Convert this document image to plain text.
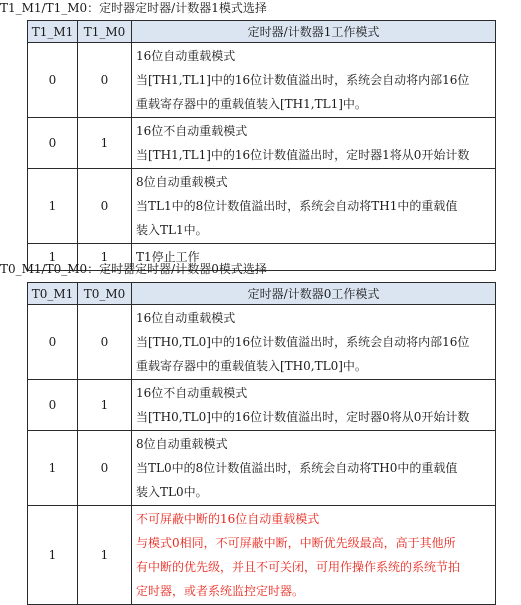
T1_M1/T1_M0：定时器定时器/计数器1模式选择
T1_M1	T1_M0	定时器/计数器1工作模式
0	0	16位自动重载模式
当[TH1,TL1]中的16位计数值溢出时，系统会自动将内部16位
重载寄存器中的重载值装入[TH1,TL1]中。

0	1	16位不自动重载模式
当[TH1,TL1]中的16位计数值溢出时，定时器1将从0开始计数

1	0	8位自动重载模式
当TL1中的8位计数值溢出时，系统会自动将TH1中的重载值
装入TL1中。

1	1	T1停止工作
T0_M1/T0_M0：定时器定时器/计数器0模式选择
T0_M1	T0_M0	定时器/计数器0工作模式
0	0	16位自动重载模式
当[TH0,TL0]中的16位计数值溢出时，系统会自动将内部16位
重载寄存器中的重载值装入[TH0,TL0]中。

0	1	16位不自动重载模式
当[TH0,TL0]中的16位计数值溢出时，定时器0将从0开始计数

1	0	8位自动重载模式
当TL0中的8位计数值溢出时，系统会自动将TH0中的重载值
装入TL0中。

1	1	不可屏蔽中断的16位自动重载模式
与模式0相同，不可屏蔽中断，中断优先级最高，高于其他所
有中断的优先级，并且不可关闭，可用作操作系统的系统节拍
定时器，或者系统监控定时器。
